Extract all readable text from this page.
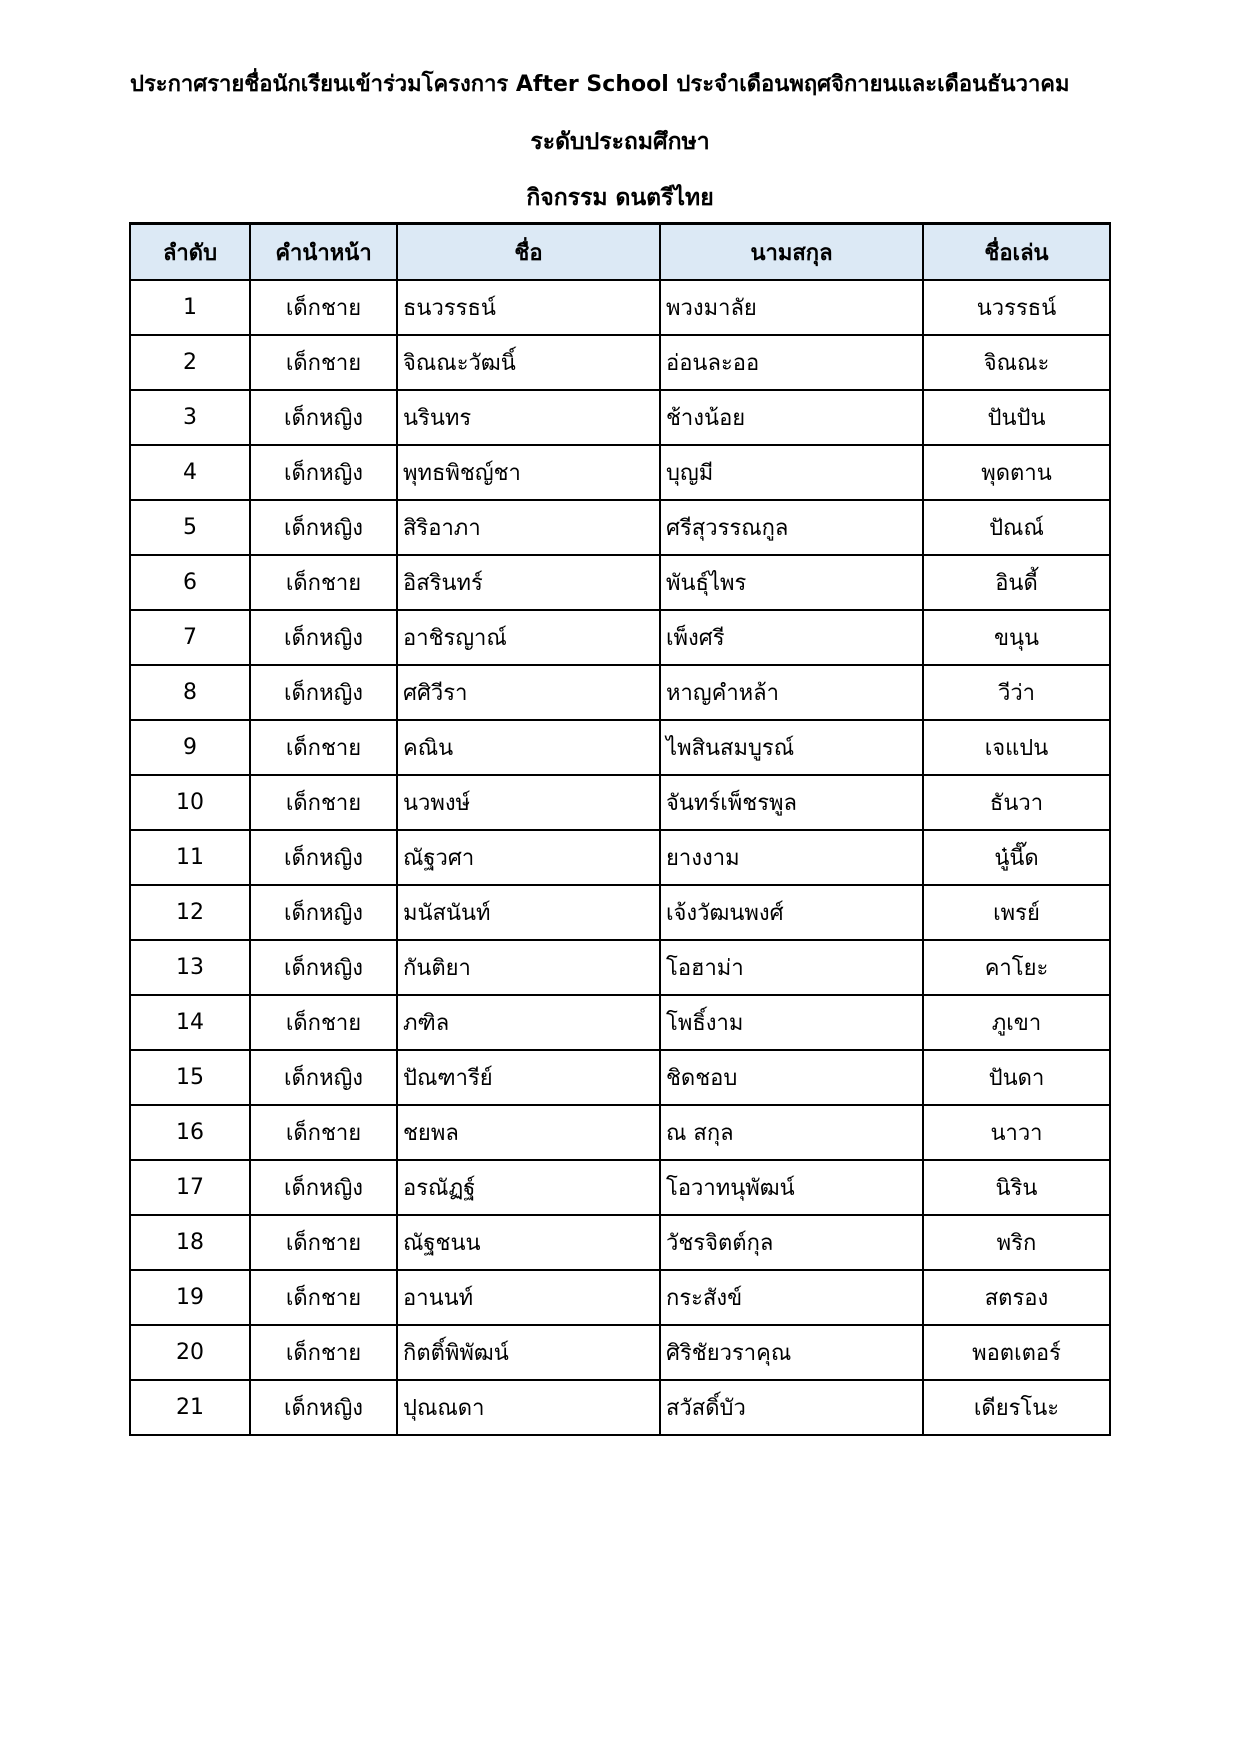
ประกาศรายชื่อนักเรียนเข้าร่วมโครงการ After School ประจำเดือนพฤศจิกายนและเดือนธันวาคม
ระดับประถมศึกษา
กิจกรรม ดนตรีไทย
ลำดับ	คำนำหน้า	ชื่อ	นามสกุล	ชื่อเล่น
1	เด็กชาย	ธนวรรธน์	พวงมาลัย	นวรรธน์
2	เด็กชาย	จิณณะวัฒนิ์	อ่อนละออ	จิณณะ
3	เด็กหญิง	นรินทร	ช้างน้อย	ปันปัน
4	เด็กหญิง	พุทธพิชญ์ชา	บุญมี	พุดตาน
5	เด็กหญิง	สิริอาภา	ศรีสุวรรณกูล	ปัณณ์
6	เด็กชาย	อิสรินทร์	พันธุ์ไพร	อินดี้
7	เด็กหญิง	อาชิรญาณ์	เพ็งศรี	ขนุน
8	เด็กหญิง	ศศิวีรา	หาญคำหล้า	วีว่า
9	เด็กชาย	คณิน	ไพสินสมบูรณ์	เจแปน
10	เด็กชาย	นวพงษ์	จันทร์เพ็ชรพูล	ธันวา
11	เด็กหญิง	ณัฐวศา	ยางงาม	นู๋นี๊ด
12	เด็กหญิง	มนัสนันท์	เจ้งวัฒนพงศ์	เพรย์
13	เด็กหญิง	กันติยา	โอฮาม่า	คาโยะ
14	เด็กชาย	ภฑิล	โพธิ์งาม	ภูเขา
15	เด็กหญิง	ปัณฑารีย์	ชิดชอบ	ปันดา
16	เด็กชาย	ชยพล	ณ สกุล	นาวา
17	เด็กหญิง	อรณัฏฐ์	โอวาทนุพัฒน์	นิริน
18	เด็กชาย	ณัฐชนน	วัชรจิตต์กุล	พริก
19	เด็กชาย	อานนท์	กระสังข์	สตรอง
20	เด็กชาย	กิตติ์พิพัฒน์	ศิริชัยวราคุณ	พอตเตอร์
21	เด็กหญิง	ปุณณดา	สวัสดิ์บัว	เดียรโนะ
